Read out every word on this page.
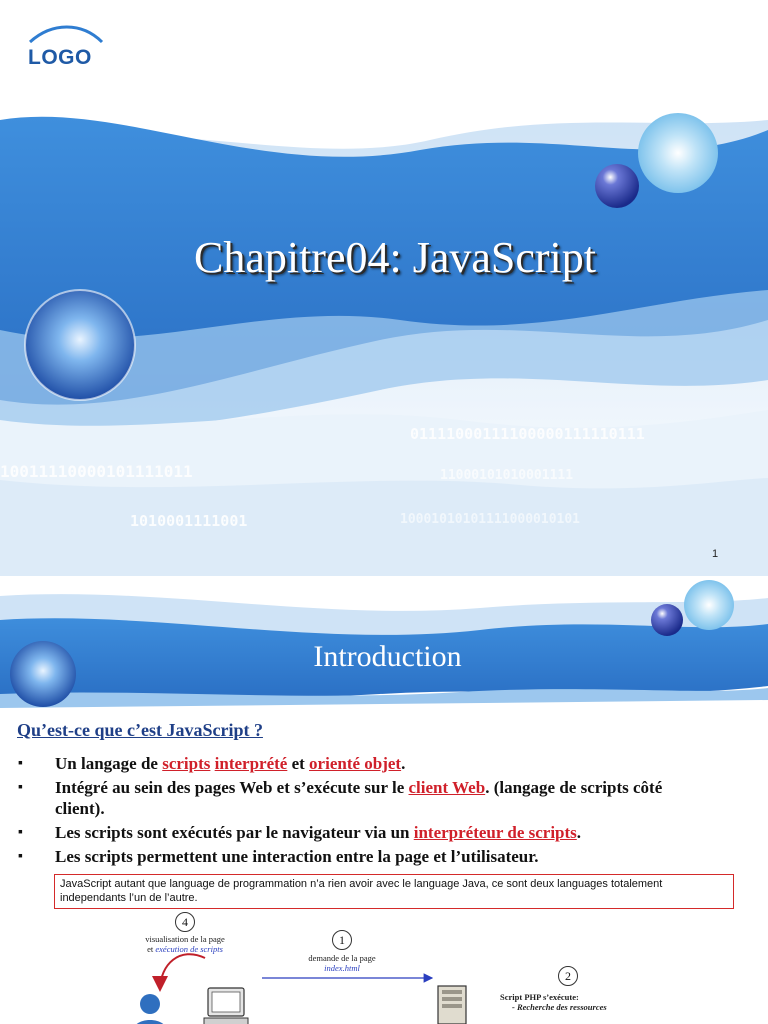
LOGO
Chapitre04: JavaScript
01111000111100000111110111
10011110000101111011
1010001111001
11000101010001111
10001010101111000010101
1
Introduction
Qu’est-ce que c’est JavaScript ?
▪ Un langage de scripts interprété et orienté objet.
▪ Intégré au sein des pages Web et s’exécute sur le client Web. (langage de scripts côté client).
▪ Les scripts sont exécutés par le navigateur via un interpréteur de scripts.
▪ Les scripts permettent une interaction entre la page et l’utilisateur.
JavaScript autant que language de programmation n’a rien avoir avec le language Java, ce sont deux languages totalement independants l’un de l’autre.
4
visualisation de la page
et exécution de scripts
1
demande de la page
index.html
2
Script PHP s’exécute:
- Recherche des ressources
